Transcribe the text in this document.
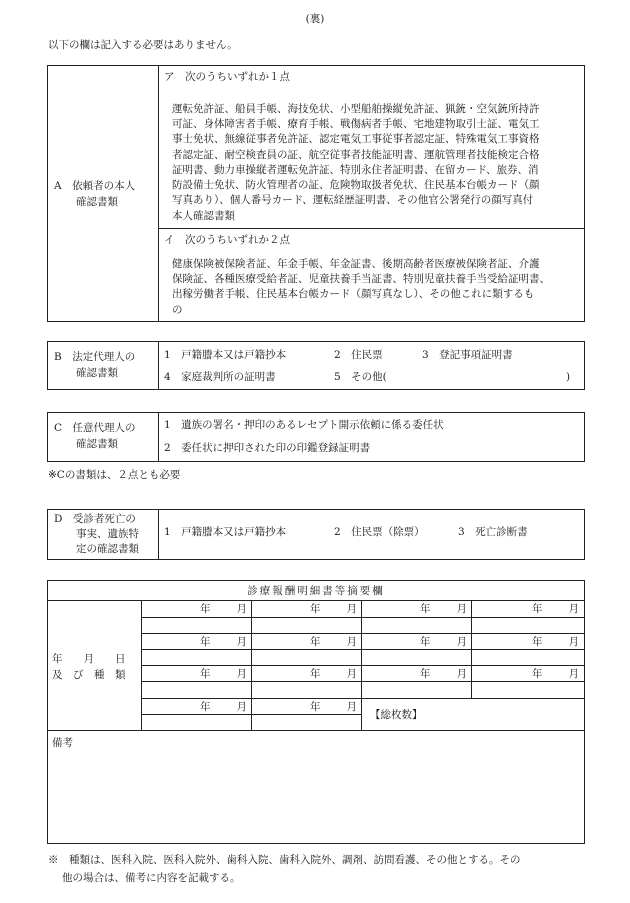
(裏)
以下の欄は記入する必要はありません。
A　依頼者の本人
確認書類
ア　次のうちいずれか１点
運転免許証、船員手帳、海技免状、小型船舶操縦免許証、猟銃・空気銃所持許
可証、身体障害者手帳、療育手帳、戦傷病者手帳、宅地建物取引士証、電気工
事士免状、無線従事者免許証、認定電気工事従事者認定証、特殊電気工事資格
者認定証、耐空検査員の証、航空従事者技能証明書、運航管理者技能検定合格
証明書、動力車操縦者運転免許証、特別永住者証明書、在留カード、旅券、消
防設備士免状、防火管理者の証、危険物取扱者免状、住民基本台帳カード（顔
写真あり）、個人番号カード、運転経歴証明書、その他官公署発行の顔写真付
本人確認書類
イ　次のうちいずれか２点
健康保険被保険者証、年金手帳、年金証書、後期高齢者医療被保険者証、介護
保険証、各種医療受給者証、児童扶養手当証書、特別児童扶養手当受給証明書、
出稼労働者手帳、住民基本台帳カード（顔写真なし）、その他これに類するも
の
B　法定代理人の
確認書類
1　戸籍謄本又は戸籍抄本	2　住民票	3　登記事項証明書
4　家庭裁判所の証明書	5　その他(	)
C　任意代理人の
確認書類
1　遺族の署名・押印のあるレセプト開示依頼に係る委任状
2　委任状に押印された印の印鑑登録証明書
※Cの書類は、２点とも必要
D　受診者死亡の
事実、遺族特
定の確認書類
1　戸籍謄本又は戸籍抄本	2　住民票（除票）	3　死亡診断書
診療報酬明細書等摘要欄
年　　月　　日
及　び　種　類
年 月	年 月	年 月	年 月
年 月	年 月	年 月	年 月
年 月	年 月	年 月	年 月
年 月	年 月
【総枚数】
備考
※　種類は、医科入院、医科入院外、歯科入院、歯科入院外、調剤、訪問看護、その他とする。その
他の場合は、備考に内容を記載する。
